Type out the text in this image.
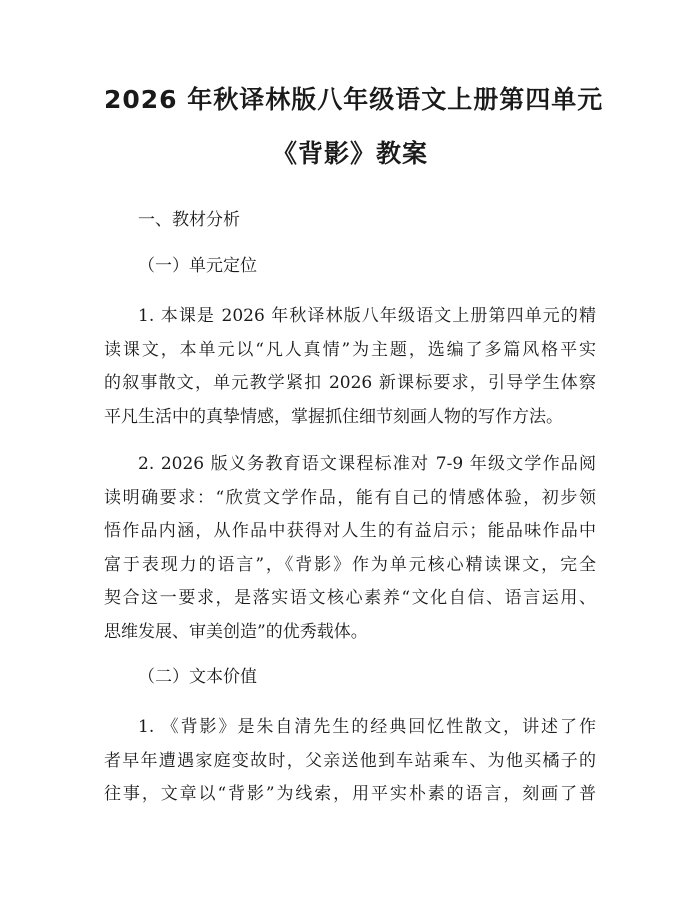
2026 年秋译林版八年级语文上册第四单元
《背影》教案

一、教材分析

（一）单元定位

1. 本课是 2026 年秋译林版八年级语文上册第四单元的精
读课文，本单元以“凡人真情”为主题，选编了多篇风格平实
的叙事散文，单元教学紧扣 2026 新课标要求，引导学生体察
平凡生活中的真挚情感，掌握抓住细节刻画人物的写作方法。

2. 2026 版义务教育语文课程标准对 7-9 年级文学作品阅
读明确要求：“欣赏文学作品，能有自己的情感体验，初步领
悟作品内涵，从作品中获得对人生的有益启示；能品味作品中
富于表现力的语言”，《背影》作为单元核心精读课文，完全
契合这一要求，是落实语文核心素养“文化自信、语言运用、
思维发展、审美创造”的优秀载体。

（二）文本价值

1. 《背影》是朱自清先生的经典回忆性散文，讲述了作
者早年遭遇家庭变故时，父亲送他到车站乘车、为他买橘子的
往事，文章以“背影”为线索，用平实朴素的语言，刻画了普
